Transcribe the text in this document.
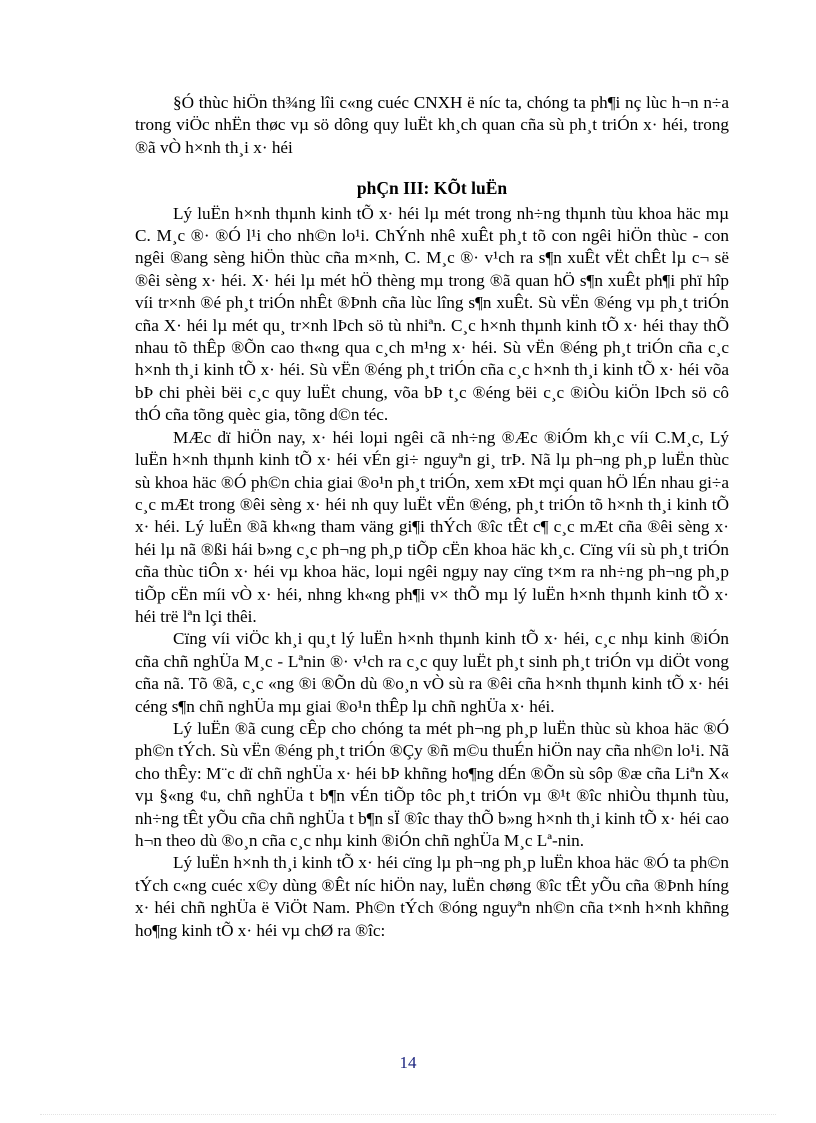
§Ó thùc hiÖn th¾ng lîi c«ng cuéc CNXH ë níc ta, chóng ta ph¶i nç lùc h¬n n÷a trong viÖc nhËn thøc vµ sö dông quy luËt kh¸ch quan cña sù ph¸t triÓn x· héi, trong ®ã vÒ h×nh th¸i x· héi

phÇn III: KÕt luËn

Lý luËn h×nh thµnh kinh tÕ x· héi lµ mét trong nh÷ng thµnh tùu khoa häc mµ C. M¸c ®· ®Ó l¹i cho nh©n lo¹i. ChÝnh nhê xuÊt ph¸t tõ con ngêi hiÖn thùc - con ngêi ®ang sèng hiÖn thùc cña m×nh, C. M¸c ®· v¹ch ra s¶n xuÊt vËt chÊt lµ c¬ së ®êi sèng x· héi. X· héi lµ mét hÖ thèng mµ trong ®ã quan hÖ s¶n xuÊt ph¶i phï hîp víi tr×nh ®é ph¸t triÓn nhÊt ®Þnh cña lùc lîng s¶n xuÊt. Sù vËn ®éng vµ ph¸t triÓn cña X· héi lµ mét qu¸ tr×nh lÞch sö tù nhiªn. C¸c h×nh thµnh kinh tÕ x· héi thay thÕ nhau tõ thÊp ®Õn cao th«ng qua c¸ch m¹ng x· héi. Sù vËn ®éng ph¸t triÓn cña c¸c h×nh th¸i kinh tÕ x· héi. Sù vËn ®éng ph¸t triÓn cña c¸c h×nh th¸i kinh tÕ x· héi võa bÞ chi phèi bëi c¸c quy luËt chung, võa bÞ t¸c ®éng bëi c¸c ®iÒu kiÖn lÞch sö cô thÓ cña tõng quèc gia, tõng d©n téc.

MÆc dï hiÖn nay, x· héi loµi ngêi cã nh÷ng ®Æc ®iÓm kh¸c víi C.M¸c, Lý luËn h×nh thµnh kinh tÕ x· héi vÉn gi÷ nguyªn gi¸ trÞ. Nã lµ ph¬ng ph¸p luËn thùc sù khoa häc ®Ó ph©n chia giai ®o¹n ph¸t triÓn, xem xÐt mçi quan hÖ lÉn nhau gi÷a c¸c mÆt trong ®êi sèng x· héi nh quy luËt vËn ®éng, ph¸t triÓn tõ h×nh th¸i kinh tÕ x· héi. Lý luËn ®ã kh«ng tham väng gi¶i thÝch ®îc tÊt c¶ c¸c mÆt cña ®êi sèng x· héi lµ nã ®ßi hái b»ng c¸c ph¬ng ph¸p tiÕp cËn khoa häc kh¸c. Cïng víi sù ph¸t triÓn cña thùc tiÔn x· héi vµ khoa häc, loµi ngêi ngµy nay cïng t×m ra nh÷ng ph¬ng ph¸p tiÕp cËn míi vÒ x· héi, nhng kh«ng ph¶i v× thÕ mµ lý luËn h×nh thµnh kinh tÕ x· héi trë lªn lçi thêi.

Cïng víi viÖc kh¸i qu¸t lý luËn h×nh thµnh kinh tÕ x· héi, c¸c nhµ kinh ®iÓn cña chñ nghÜa M¸c - Lªnin ®· v¹ch ra c¸c quy luËt ph¸t sinh ph¸t triÓn vµ diÖt vong cña nã. Tõ ®ã, c¸c «ng ®i ®Õn dù ®o¸n vÒ sù ra ®êi cña h×nh thµnh kinh tÕ x· héi céng s¶n chñ nghÜa mµ giai ®o¹n thÊp lµ chñ nghÜa x· héi.

Lý luËn ®ã cung cÊp cho chóng ta mét ph¬ng ph¸p luËn thùc sù khoa häc ®Ó ph©n tÝch. Sù vËn ®éng ph¸t triÓn ®Çy ®ñ m©u thuÉn hiÖn nay cña nh©n lo¹i. Nã cho thÊy: M¨c dï chñ nghÜa x· héi bÞ khñng ho¶ng dÉn ®Õn sù sôp ®æ cña Liªn X« vµ §«ng ¢u, chñ nghÜa t b¶n vÉn tiÕp tôc ph¸t triÓn vµ ®¹t ®îc nhiÒu thµnh tùu, nh÷ng tÊt yÕu cña chñ nghÜa t b¶n sÏ ®îc thay thÕ b»ng h×nh th¸i kinh tÕ x· héi cao h¬n theo dù ®o¸n cña c¸c nhµ kinh ®iÓn chñ nghÜa M¸c Lª-nin.

Lý luËn h×nh th¸i kinh tÕ x· héi cïng lµ ph¬ng ph¸p luËn khoa häc ®Ó ta ph©n tÝch c«ng cuéc x©y dùng ®Êt níc hiÖn nay, luËn chøng ®îc tÊt yÕu cña ®Þnh híng x· héi chñ nghÜa ë ViÖt Nam. Ph©n tÝch ®óng nguyªn nh©n cña t×nh h×nh khñng ho¶ng kinh tÕ x· héi vµ chØ ra ®îc:

14
